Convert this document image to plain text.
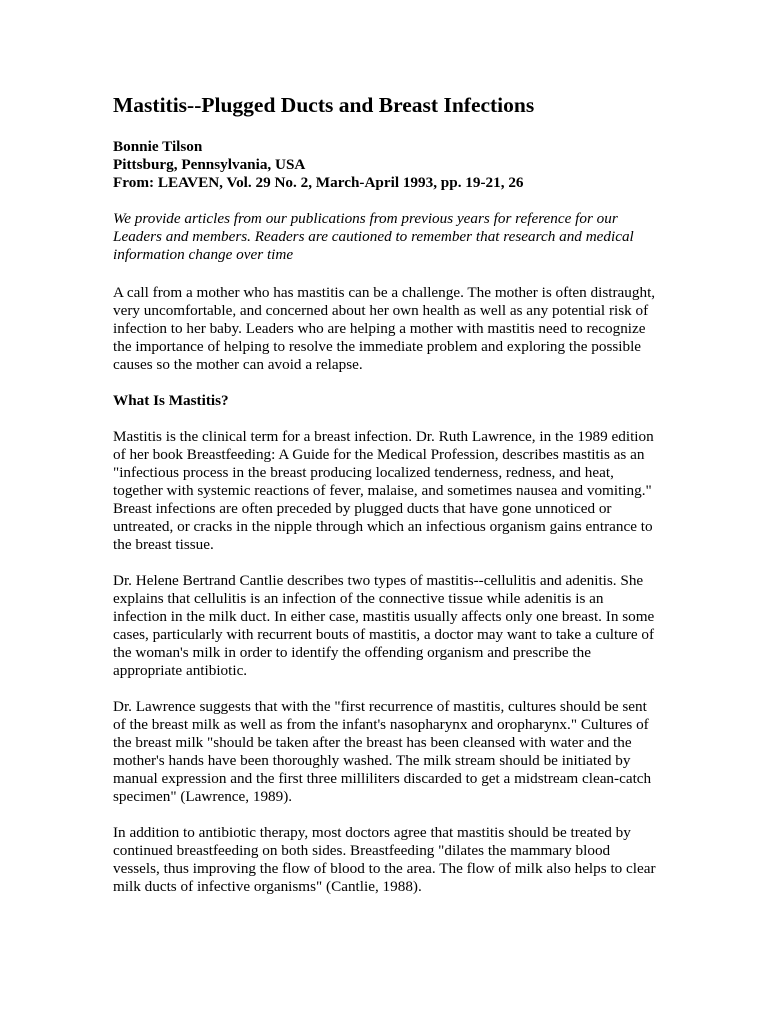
Mastitis--Plugged Ducts and Breast Infections
Bonnie Tilson
Pittsburg, Pennsylvania, USA
From: LEAVEN, Vol. 29 No. 2, March-April 1993, pp. 19-21, 26
We provide articles from our publications from previous years for reference for our Leaders and members. Readers are cautioned to remember that research and medical information change over time
A call from a mother who has mastitis can be a challenge. The mother is often distraught, very uncomfortable, and concerned about her own health as well as any potential risk of infection to her baby. Leaders who are helping a mother with mastitis need to recognize the importance of helping to resolve the immediate problem and exploring the possible causes so the mother can avoid a relapse.
What Is Mastitis?
Mastitis is the clinical term for a breast infection. Dr. Ruth Lawrence, in the 1989 edition of her book Breastfeeding: A Guide for the Medical Profession, describes mastitis as an "infectious process in the breast producing localized tenderness, redness, and heat, together with systemic reactions of fever, malaise, and sometimes nausea and vomiting." Breast infections are often preceded by plugged ducts that have gone unnoticed or untreated, or cracks in the nipple through which an infectious organism gains entrance to the breast tissue.
Dr. Helene Bertrand Cantlie describes two types of mastitis--cellulitis and adenitis. She explains that cellulitis is an infection of the connective tissue while adenitis is an infection in the milk duct. In either case, mastitis usually affects only one breast. In some cases, particularly with recurrent bouts of mastitis, a doctor may want to take a culture of the woman's milk in order to identify the offending organism and prescribe the appropriate antibiotic.
Dr. Lawrence suggests that with the "first recurrence of mastitis, cultures should be sent of the breast milk as well as from the infant's nasopharynx and oropharynx." Cultures of the breast milk "should be taken after the breast has been cleansed with water and the mother's hands have been thoroughly washed. The milk stream should be initiated by manual expression and the first three milliliters discarded to get a midstream clean-catch specimen" (Lawrence, 1989).
In addition to antibiotic therapy, most doctors agree that mastitis should be treated by continued breastfeeding on both sides. Breastfeeding "dilates the mammary blood vessels, thus improving the flow of blood to the area. The flow of milk also helps to clear milk ducts of infective organisms" (Cantlie, 1988).
